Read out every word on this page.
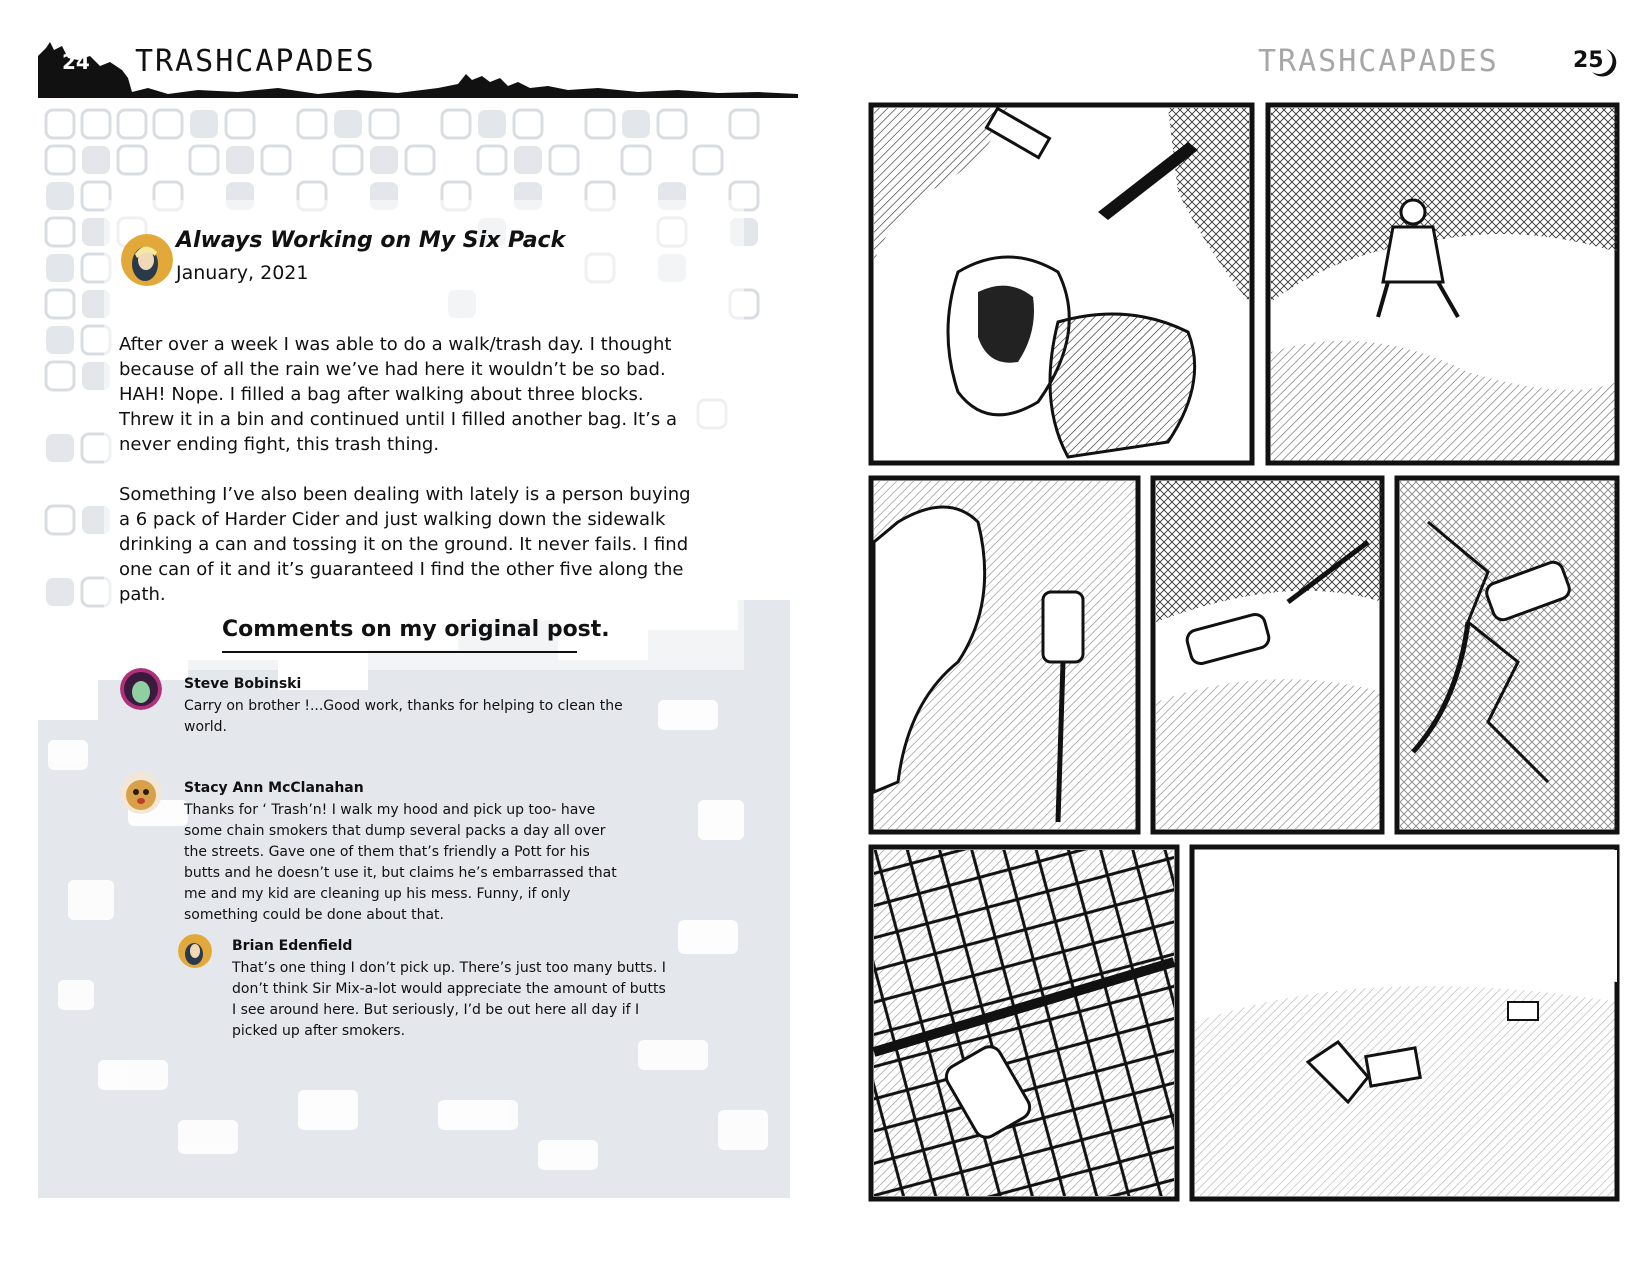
24 TRASHCAPADES	TRASHCAPADES	25
Always Working on My Six Pack
January, 2021

After over a week I was able to do a walk/trash day. I thought because of all the rain we’ve had here it wouldn’t be so bad. HAH! Nope. I filled a bag after walking about three blocks. Threw it in a bin and continued until I filled another bag. It’s a never ending fight, this trash thing.

Something I’ve also been dealing with lately is a person buying a 6 pack of Harder Cider and just walking down the sidewalk drinking a can and tossing it on the ground. It never fails. I find one can of it and it’s guaranteed I find the other five along the path.

Comments on my original post.
Steve Bobinski

Carry on brother !...Good work, thanks for helping to clean the world.

Stacy Ann McClanahan

Thanks for ‘ Trash’n! I walk my hood and pick up too- have some chain smokers that dump several packs a day all over the streets. Gave one of them that’s friendly a Pott for his butts and he doesn’t use it, but claims he’s embarrassed that me and my kid are cleaning up his mess. Funny, if only something could be done about that.

Brian Edenfield

That’s one thing I don’t pick up. There’s just too many butts. I don’t think Sir Mix-a-lot would appreciate the amount of butts I see around here. But seriously, I’d be out here all day if I picked up after smokers.
